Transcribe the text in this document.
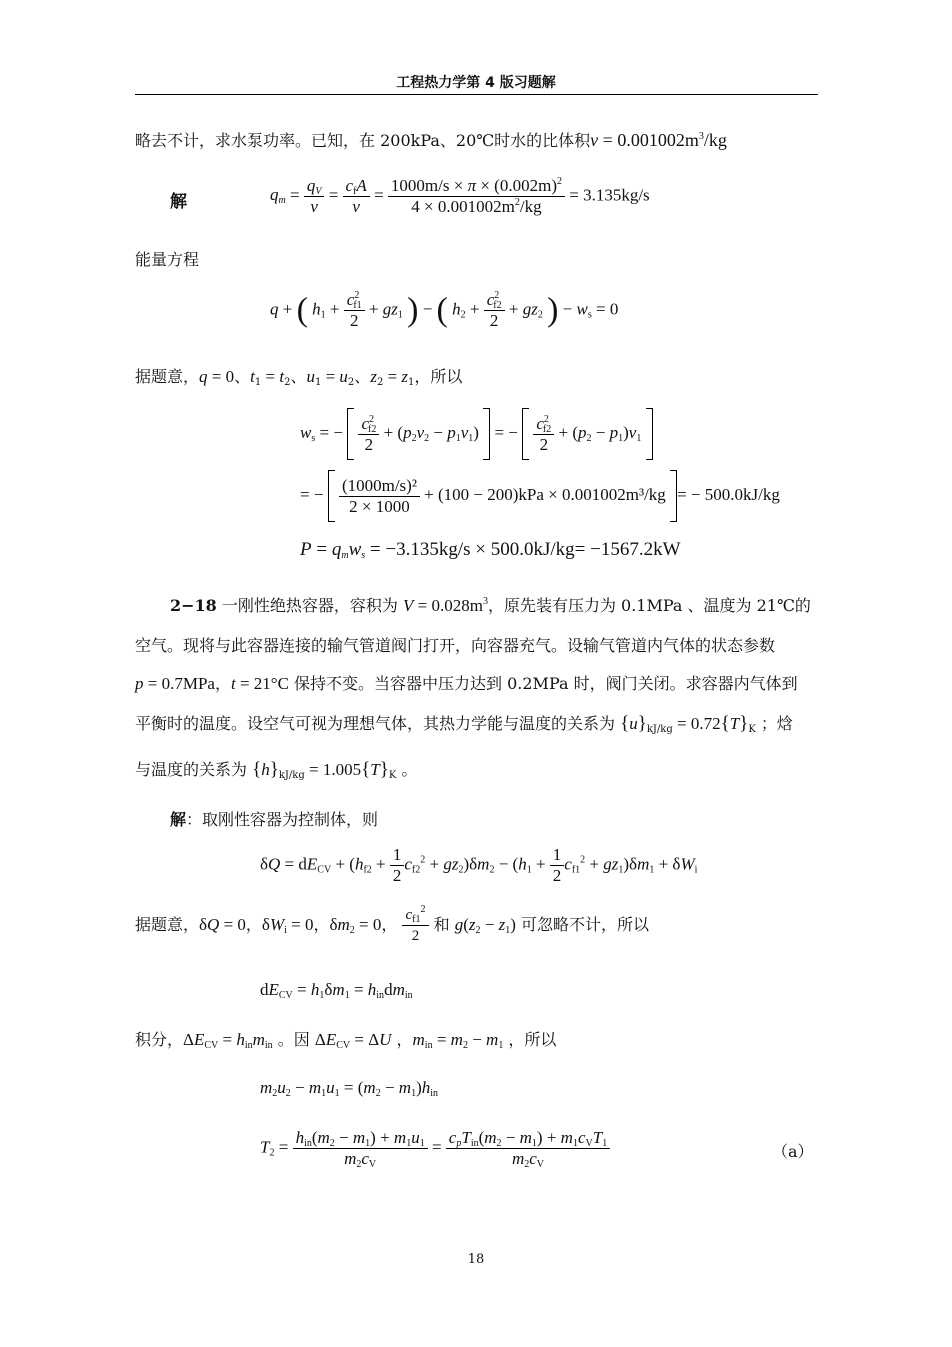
工程热力学第 4 版习题解
略去不计，求水泵功率。已知，在 200kPa、20℃时水的比体积$v = 0.001002m^3/kg$
解	$q_m = \frac{q_V}{v} = \frac{c_fA}{v} = \frac{1000m/s \times \pi \times (0.002m)^2}{4 \times 0.001002m^2/kg} = 3.135kg/s$
能量方程
q + ( $h_1 + \frac{c^2_{f1}}{2} + gz_1$ ) − ( $h_2 + \frac{c^2_{f2}}{2} + gz_2$ ) − $w_s = 0$
据题意，q = 0、$t_1 = t_2$、$u_1 = u_2$、$z_2 = z_1$，所以
$w_s$ = − $\frac{c^2_{f2}}{2} + (p_2v_2 - p_1v_1)$  = − $\frac{c^2_{f2}}{2} + (p_2 - p_1)v_1$
= − $\frac{\text{(1000m/s)²}}{2 \times 1000} + (100 - 200)kPa \times 0.001002m^3/kg$ = − 500.0kJ/kg
$P = q_mw_s = -3.135kg/s \times 500.0kJ/kg= -1567.2kW$
2−18 一刚性绝热容器，容积为 $V = 0.028m^3$，原先装有压力为 0.1MPa 、温度为 21℃的
空气。现将与此容器连接的输气管道阀门打开，向容器充气。设输气管道内气体的状态参数
p = 0.7MPa，t = 21°C 保持不变。当容器中压力达到 0.2MPa 时，阀门关闭。求容器内气体到
平衡时的温度。设空气可视为理想气体，其热力学能与温度的关系为 $\{u\}_{kJ/kg} = 0.72\{T\}_K$ ；焓
与温度的关系为 $\{h\}_{kJ/kg} = 1.005\{T\}_K$ 。
解：取刚性容器为控制体，则
$\delta Q = dE_{CV} + (h_{f2} + \frac{1}{2} c_{f2}^2 + gz_2)\delta m_2 - (h_1 + \frac{1}{2} c_{f1}^2 + gz_1)\delta m_1 + \delta W_i$
据题意，δQ = 0，$\delta W_i = 0$，$\delta m_2 = 0$， $\frac{c_{f1}^2}{2}$ 和 $g(z_2 - z_1)$ 可忽略不计，所以
$dE_{CV} = h_1\delta m_1 = h_{in}dm_{in}$
积分，$\Delta E_{CV} = h_{in}m_{in}$ 。因 $\Delta E_{CV} = \Delta U$ ，$m_{in} = m_2 - m_1$ ，所以
$m_2u_2 - m_1u_1 = (m_2 - m_1)h_{in}$
$T_2 = \frac{h_{in}(m_2 - m_1) + m_1u_1}{m_2c_V} = \frac{c_pT_{in}(m_2 - m_1) + m_1c_VT_1}{m_2c_V}$	（a）
18
